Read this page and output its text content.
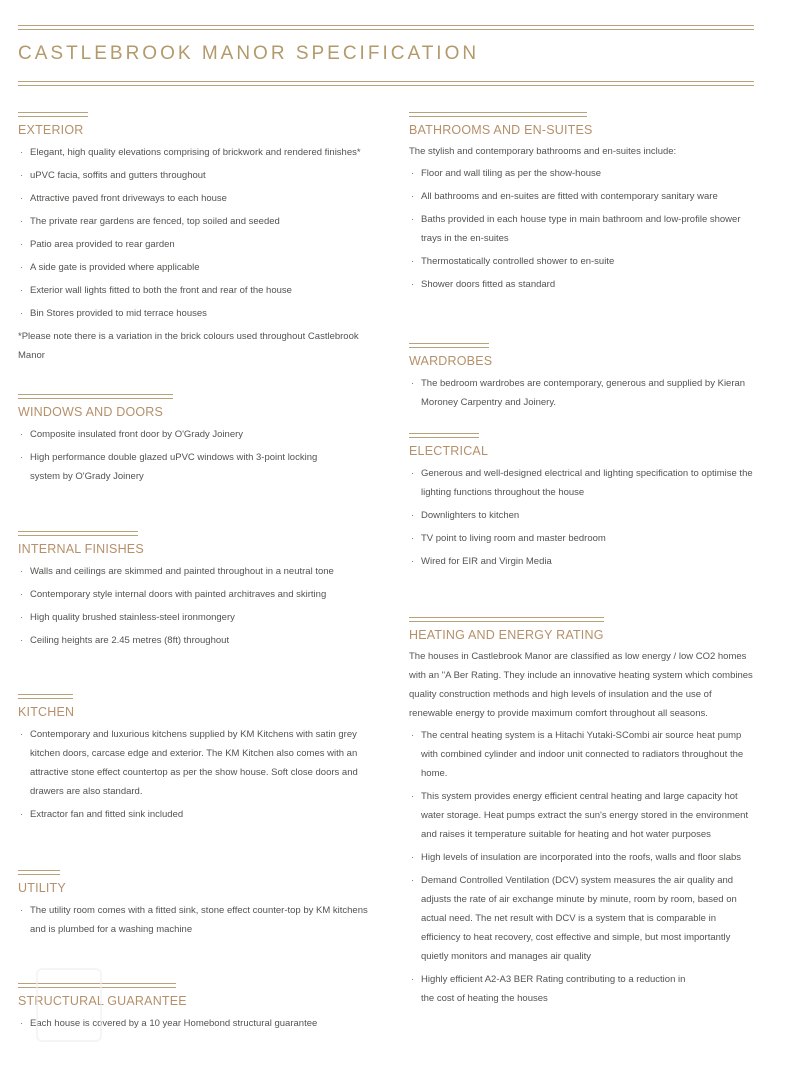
CASTLEBROOK MANOR SPECIFICATION
EXTERIOR
· Elegant, high quality elevations comprising of brickwork and rendered finishes*
· uPVC facia, soffits and gutters throughout
· Attractive paved front driveways to each house
· The private rear gardens are fenced, top soiled and seeded
· Patio area provided to rear garden
· A side gate is provided where applicable
· Exterior wall lights fitted to both the front and rear of the house
· Bin Stores provided to mid terrace houses

*Please note there is a variation in the brick colours used throughout Castlebrook Manor

WINDOWS AND DOORS
· Composite insulated front door by O'Grady Joinery
· High performance double glazed uPVC windows with 3-point locking system by O'Grady Joinery
INTERNAL FINISHES
· Walls and ceilings are skimmed and painted throughout in a neutral tone
· Contemporary style internal doors with painted architraves and skirting
· High quality brushed stainless-steel ironmongery
· Ceiling heights are 2.45 metres (8ft) throughout
KITCHEN
· Contemporary and luxurious kitchens supplied by KM Kitchens with satin grey kitchen doors, carcase edge and exterior. The KM Kitchen also comes with an attractive stone effect countertop as per the show house. Soft close doors and drawers are also standard.
· Extractor fan and fitted sink included
UTILITY
· The utility room comes with a fitted sink, stone effect counter-top by KM kitchens and is plumbed for a washing machine
STRUCTURAL GUARANTEE
· Each house is covered by a 10 year Homebond structural guarantee
BATHROOMS AND EN-SUITES

The stylish and contemporary bathrooms and en-suites include:

· Floor and wall tiling as per the show-house
· All bathrooms and en-suites are fitted with contemporary sanitary ware
· Baths provided in each house type in main bathroom and low-profile shower trays in the en-suites
· Thermostatically controlled shower to en-suite
· Shower doors fitted as standard
WARDROBES
· The bedroom wardrobes are contemporary, generous and supplied by Kieran Moroney Carpentry and Joinery.
ELECTRICAL
· Generous and well-designed electrical and lighting specification to optimise the lighting functions throughout the house
· Downlighters to kitchen
· TV point to living room and master bedroom
· Wired for EIR and Virgin Media
HEATING AND ENERGY RATING

The houses in Castlebrook Manor are classified as low energy / low CO2 homes with an "A Ber Rating. They include an innovative heating system which combines quality construction methods and high levels of insulation and the use of renewable energy to provide maximum comfort throughout all seasons.

· The central heating system is a Hitachi Yutaki-SCombi air source heat pump with combined cylinder and indoor unit connected to radiators throughout the home.
· This system provides energy efficient central heating and large capacity hot water storage. Heat pumps extract the sun's energy stored in the environment and raises it temperature suitable for heating and hot water purposes
· High levels of insulation are incorporated into the roofs, walls and floor slabs
· Demand Controlled Ventilation (DCV) system measures the air quality and adjusts the rate of air exchange minute by minute, room by room, based on actual need. The net result with DCV is a system that is comparable in efficiency to heat recovery, cost effective and simple, but most importantly quietly monitors and manages air quality
· Highly efficient A2-A3 BER Rating contributing to a reduction in the cost of heating the houses
